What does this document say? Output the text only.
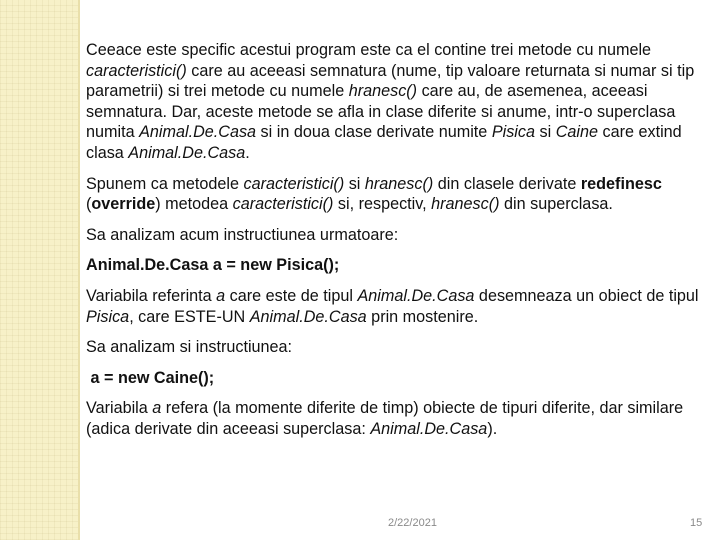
Ceeace este specific acestui program este ca el contine trei metode cu numele caracteristici() care au aceeasi semnatura (nume, tip valoare returnata si numar si tip parametrii) si trei metode cu numele hranesc() care au, de asemenea, aceeasi semnatura. Dar, aceste metode se afla in clase diferite si anume, intr-o superclasa numita Animal.De.Casa si in doua clase derivate numite Pisica si Caine care extind clasa Animal.De.Casa.

Spunem ca metodele caracteristici() si hranesc() din clasele derivate redefinesc (override) metodea caracteristici() si, respectiv, hranesc() din superclasa.

Sa analizam acum instructiunea urmatoare:

Animal.De.Casa a = new Pisica();

Variabila referinta a care este de tipul Animal.De.Casa desemneaza un obiect de tipul Pisica, care ESTE-UN Animal.De.Casa prin mostenire.

Sa analizam si instructiunea:

a = new Caine();

Variabila a refera (la momente diferite de timp) obiecte de tipuri diferite, dar similare (adica derivate din aceeasi superclasa: Animal.De.Casa).

2/22/2021	15
